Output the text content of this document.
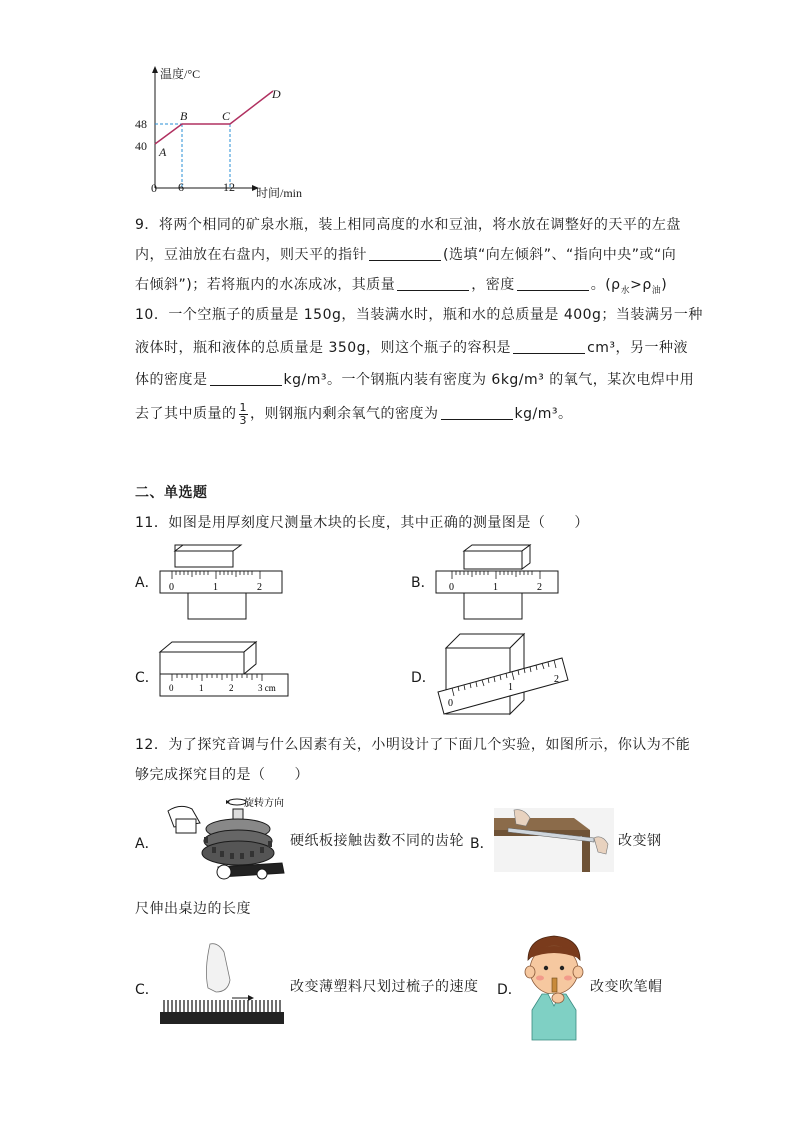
温度/°C
48
40
0 6	12 时间/min
A
B	C
D
9．将两个相同的矿泉水瓶，装上相同高度的水和豆油，将水放在调整好的天平的左盘
内，豆油放在右盘内，则天平的指针	(选填“向左倾斜”、“指向中央”或“向
右倾斜”)；若将瓶内的水冻成冰，其质量	，密度	。$(\rho_水>\rho_油)$
10．一个空瓶子的质量是 150g，当装满水时，瓶和水的总质量是 400g；当装满另一种
液体时，瓶和液体的总质量是 350g，则这个瓶子的容积是	cm³，另一种液
体的密度是	kg/m³。一个钢瓶内装有密度为 6kg/m³ 的氧气，某次电焊中用
去了其中质量的 $\frac{1}{3}$ ，则钢瓶内剩余氧气的密度为	kg/m³。
二、单选题
11．如图是用厚刻度尺测量木块的长度，其中正确的测量图是（　　）
A． 0	1	2	B． 0	1	2
C．
0	1	2	3 cm
D．
0
1
2
12．为了探究音调与什么因素有关，小明设计了下面几个实验，如图所示，你认为不能
够完成探究目的是（　　）
A．
旋转方向
硬纸板接触齿数不同的齿轮 B．	改变钢
尺伸出桌边的长度
C．	改变薄塑料尺划过梳子的速度 D．	改变吹笔帽
